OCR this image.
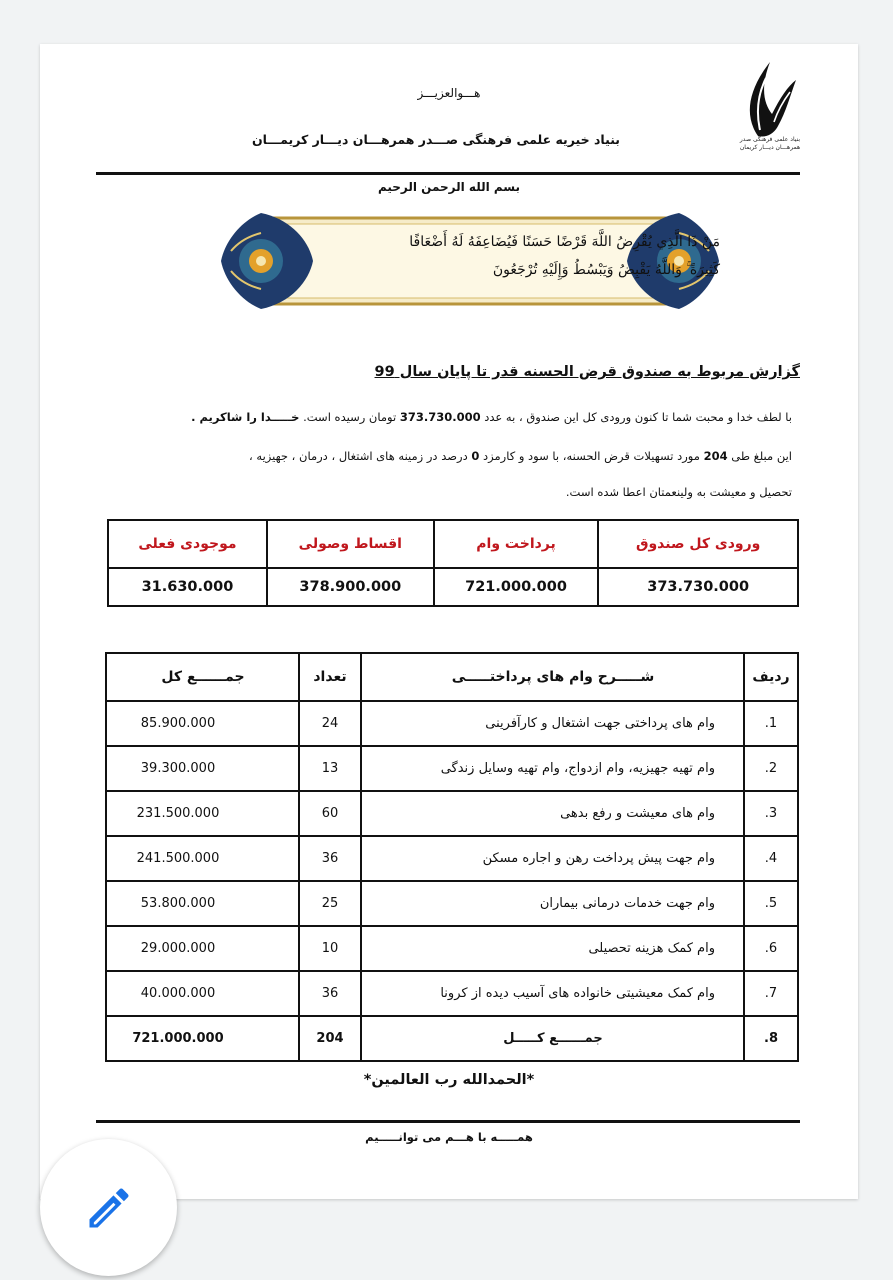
بنیاد علمی فرهنگی صدر همرهـــان دیـــار کریمان
هـــوالعزیـــز
بنیاد خیریه علمی فرهنگی صـــدر همرهـــان دیـــار کریمـــان
بسم الله الرحمن الرحیم
مَنْ ذَا الَّذِي يُقْرِضُ اللَّهَ قَرْضًا حَسَنًا فَيُضَاعِفَهُ لَهُ أَضْعَافًا
كَثِيرَةً ۚ وَاللَّهُ يَقْبِضُ وَيَبْسُطُ وَإِلَيْهِ تُرْجَعُونَ
گزارش مربوط به صندوق قرض الحسنه قدر تا پایان سال 99
با لطف خدا و محبت شما تا کنون ورودی کل این صندوق ، به عدد 373.730.000 تومان رسیده است. خـــــدا را شاکریم .
این مبلغ طی 204 مورد تسهیلات قرض الحسنه، با سود و کارمزد 0 درصد در زمینه های اشتغال ، درمان ، جهیزیه ،
تحصیل و معیشت به ولینعمتان اعطا شده است.
ورودی کل صندوق	پرداخت وام	اقساط وصولی	موجودی فعلی
373.730.000	721.000.000	378.900.000	31.630.000
ردیف	شـــــرح وام های پرداختـــــی	تعداد	جمــــــع کل
1.	وام های پرداختی جهت اشتغال و کارآفرینی	24	85.900.000
2.	وام تهیه جهیزیه، وام ازدواج، وام تهیه وسایل زندگی	13	39.300.000
3.	وام های معیشت و رفع بدهی	60	231.500.000
4.	وام جهت پیش پرداخت رهن و اجاره مسکن	36	241.500.000
5.	وام جهت خدمات درمانی بیماران	25	53.800.000
6.	وام کمک هزینه تحصیلی	10	29.000.000
7.	وام کمک معیشیتی خانواده های آسیب دیده از کرونا	36	40.000.000
8.	جمــــــع کـــــل	204	721.000.000
*الحمدالله رب العالمین*
همـــــه با هـــم می توانـــــیم
